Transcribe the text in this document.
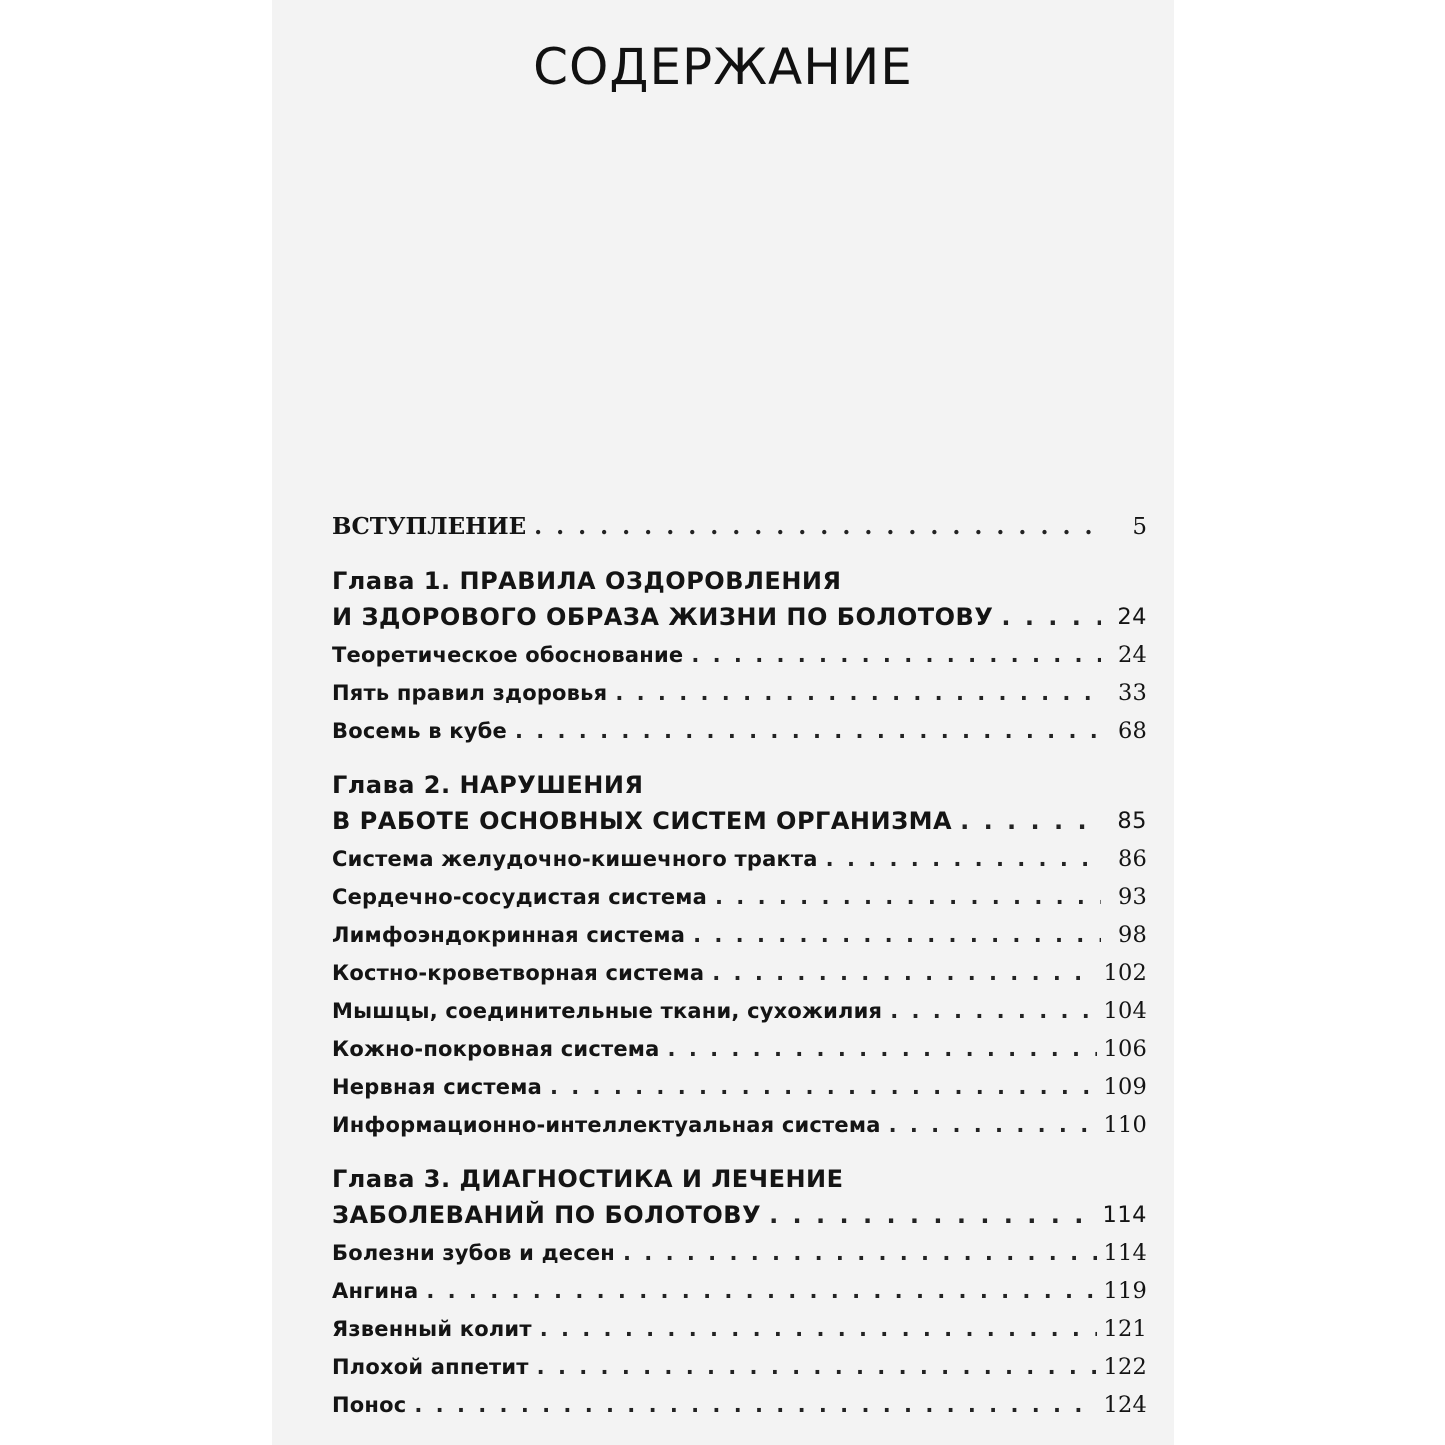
СОДЕРЖАНИЕ
ВСТУПЛЕНИЕ . . .	5
Глава 1. ПРАВИЛА ОЗДОРОВЛЕНИЯ
И ЗДОРОВОГО ОБРАЗА ЖИЗНИ ПО БОЛОТОВУ . . .	24
Теоретическое обоснование . . .	24
Пять правил здоровья . . .	33
Восемь в кубе . . .	68
Глава 2. НАРУШЕНИЯ
В РАБОТЕ ОСНОВНЫХ СИСТЕМ ОРГАНИЗМА . . .	85
Система желудочно-кишечного тракта . . .	86
Сердечно-сосудистая система . . .	93
Лимфоэндокринная система . . .	98
Костно-кроветворная система . . .	102
Мышцы, соединительные ткани, сухожилия . . .	104
Кожно-покровная система . . .	106
Нервная система . . .	109
Информационно-интеллектуальная система . . .	110
Глава 3. ДИАГНОСТИКА И ЛЕЧЕНИЕ
ЗАБОЛЕВАНИЙ ПО БОЛОТОВУ . . .	114
Болезни зубов и десен . . .	114
Ангина . . .	119
Язвенный колит . . .	121
Плохой аппетит . . .	122
Понос . . .	124
